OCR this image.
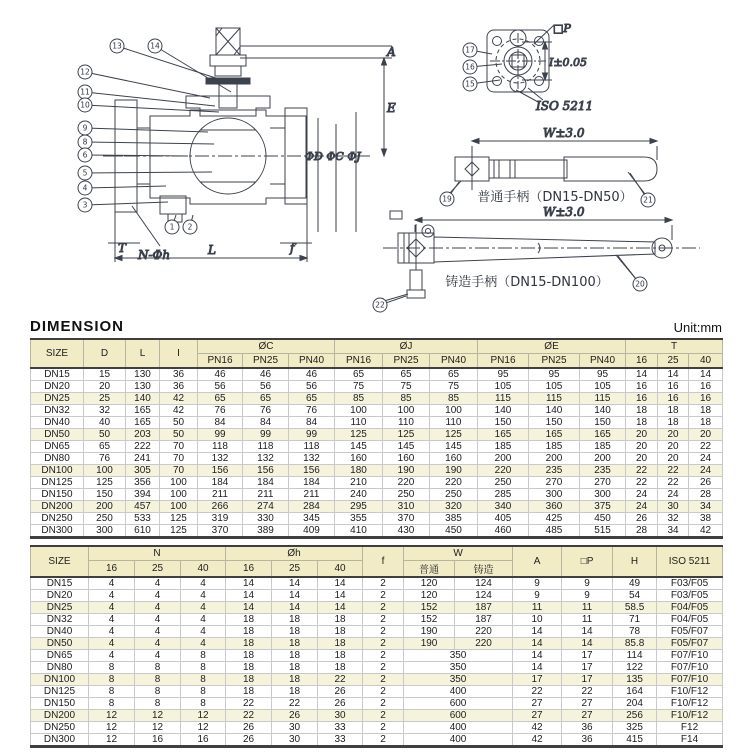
A
E
ΦD ΦC ΦJ
T	f
L
N-Φh
□P
I±0.05
ISO 5211
W±3.0
普通手柄（DN15-DN50）
W±3.0
铸造手柄（DN15-DN100）
13	14
12
11
10
9
8
6
5
4
3
1 2
17
16
15
19	21
22
20
DIMENSION	Unit:mm
SIZE	D	L	I	ØC			ØJ			ØE			T		
				PN16	PN25	PN40	PN16	PN25	PN40	PN16	PN25	PN40	16	25	40
DN15	15	130	36	46	46	46	65	65	65	95	95	95	14	14	14
DN20	20	130	36	56	56	56	75	75	75	105	105	105	16	16	16
DN25	25	140	42	65	65	65	85	85	85	115	115	115	16	16	16
DN32	32	165	42	76	76	76	100	100	100	140	140	140	18	18	18
DN40	40	165	50	84	84	84	110	110	110	150	150	150	18	18	18
DN50	50	203	50	99	99	99	125	125	125	165	165	165	20	20	20
DN65	65	222	70	118	118	118	145	145	145	185	185	185	20	20	22
DN80	76	241	70	132	132	132	160	160	160	200	200	200	20	20	24
DN100	100	305	70	156	156	156	180	190	190	220	235	235	22	22	24
DN125	125	356	100	184	184	184	210	220	220	250	270	270	22	22	26
DN150	150	394	100	211	211	211	240	250	250	285	300	300	24	24	28
DN200	200	457	100	266	274	284	295	310	320	340	360	375	24	30	34
DN250	250	533	125	319	330	345	355	370	385	405	425	450	26	32	38
DN300	300	610	125	370	389	409	410	430	450	460	485	515	28	34	42
SIZE	N			Øh			f	W		A	□P	H	ISO 5211
	16	25	40	16	25	40		普通	铸造				
DN15	4	4	4	14	14	14	2	120	124	9	9	49	F03/F05
DN20	4	4	4	14	14	14	2	120	124	9	9	54	F03/F05
DN25	4	4	4	14	14	14	2	152	187	11	11	58.5	F04/F05
DN32	4	4	4	18	18	18	2	152	187	10	11	71	F04/F05
DN40	4	4	4	18	18	18	2	190	220	14	14	78	F05/F07
DN50	4	4	4	18	18	18	2	190	220	14	14	85.8	F05/F07
DN65	4	4	8	18	18	18	2	350		14	17	114	F07/F10
DN80	8	8	8	18	18	18	2	350		14	17	122	F07/F10
DN100	8	8	8	18	18	22	2	350		17	17	135	F07/F10
DN125	8	8	8	18	18	26	2	400		22	22	164	F10/F12
DN150	8	8	8	22	22	26	2	600		27	27	204	F10/F12
DN200	12	12	12	22	26	30	2	600		27	27	256	F10/F12
DN250	12	12	12	26	30	33	2	400		42	36	325	F12
DN300	12	16	16	26	30	33	2	400		42	36	415	F14
